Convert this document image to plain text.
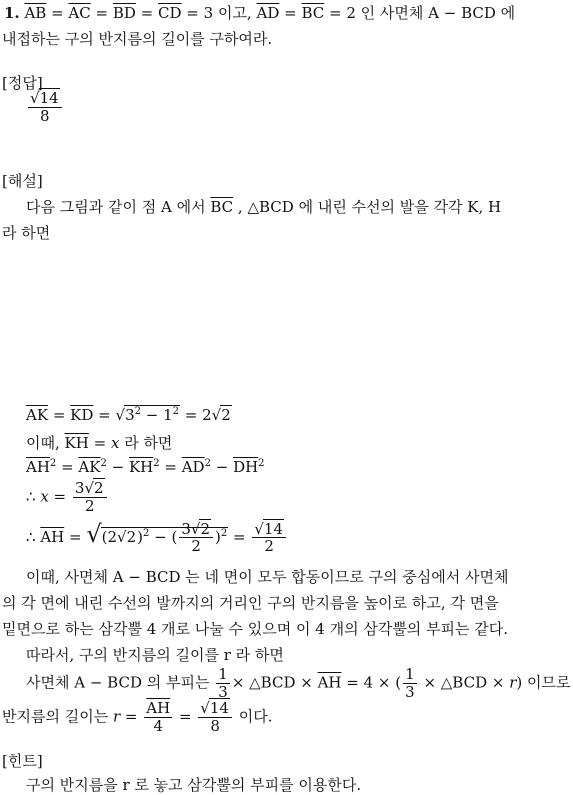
1. $\overline{AB} = \overline{AC} = \overline{BD} = \overline{CD} = 3$ 이고, $\overline{AD} = \overline{BC} = 2$ 인 사면체 A − BCD 에
내접하는 구의 반지름의 길이를 구하여라.
[정답]
$\frac{√14}{8}$
[해설]
다음 그림과 같이 점 A 에서 $\overline{BC}$ , △BCD 에 내린 수선의 발을 각각 K, H
라 하면
$\overline{AK} = \overline{KD} = √3^2 - 1^2 = 2√2$
이때, $\overline{KH} = x$ 라 하면
$\overline{AH}^2 = \overline{AK}^2 - \overline{KH}^2 = \overline{AD}^2 - \overline{DH}^2$
∴ $x = \frac{3√2}{2}$
∴ $\overline{AH} = √(2√2)^2$ − ( $\frac{3√2}{2} )^2 = \frac{√14}{2}$
이때, 사면체 A − BCD 는 네 면이 모두 합동이므로 구의 중심에서 사면체
의 각 면에 내린 수선의 발까지의 거리인 구의 반지름을 높이로 하고, 각 면을
밑면으로 하는 삼각뿔 4 개로 나눌 수 있으며 이 4 개의 삼각뿔의 부피는 같다.
따라서, 구의 반지름의 길이를 r 라 하면
사면체 A − BCD 의 부피는 $\frac{1}{3}$ × △BCD × $\overline{AH} = 4$ × ( $\frac{1}{3}$ × △BCD × r) 이므로
반지름의 길이는 $r = \frac{\overline{AH}}{4} = \frac{√14}{8}$ 이다.
[힌트]
구의 반지름을 r 로 놓고 삼각뿔의 부피를 이용한다.
